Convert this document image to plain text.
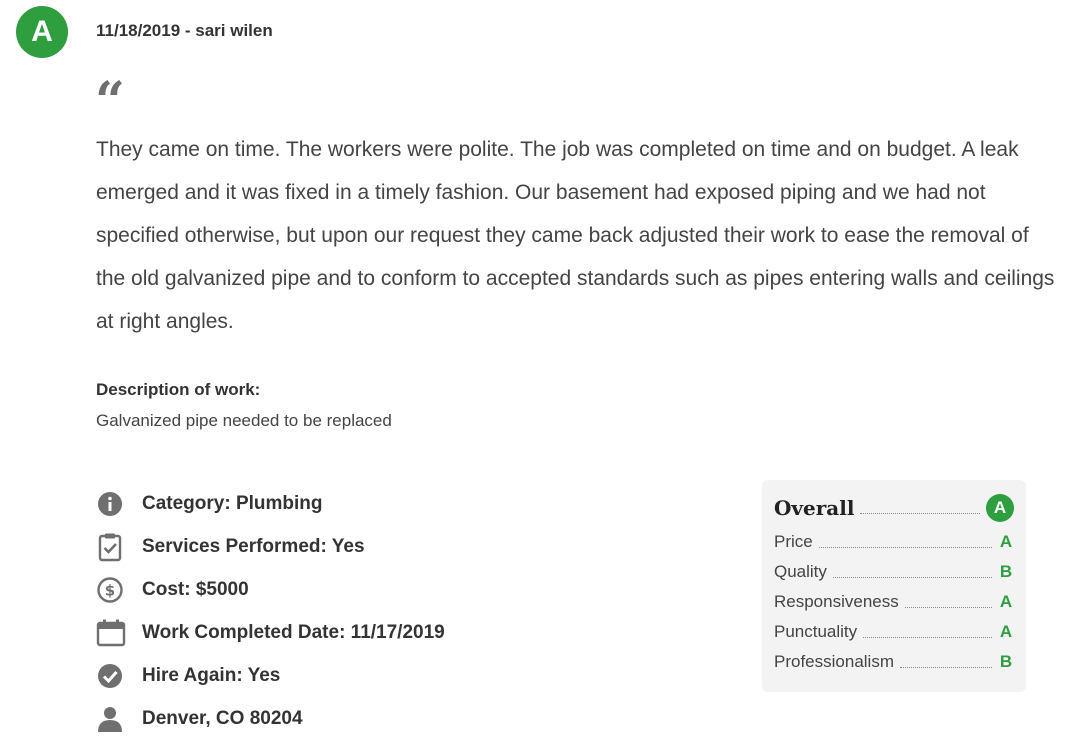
A	11/18/2019 - sari wilen
“
They came on time. The workers were polite. The job was completed on time and on budget. A leak emerged and it was fixed in a timely fashion. Our basement had exposed piping and we had not specified otherwise, but upon our request they came back adjusted their work to ease the removal of the old galvanized pipe and to conform to accepted standards such as pipes entering walls and ceilings at right angles.
Description of work:
Galvanized pipe needed to be replaced
Category: Plumbing
Services Performed: Yes
$ Cost: $5000
Work Completed Date: 11/17/2019
Hire Again: Yes
Denver, CO 80204
Overall	A
Price	A
Quality	B
Responsiveness	A
Punctuality	A
Professionalism	B
